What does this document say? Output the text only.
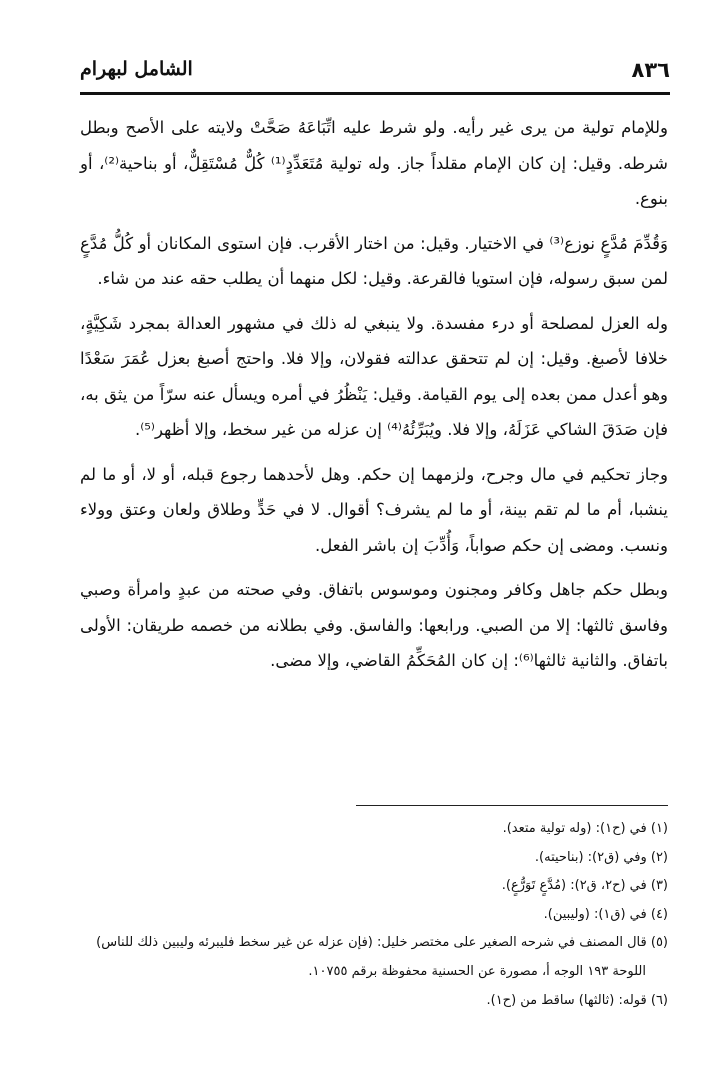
الشامل لبهرام	٨٣٦

وللإمام تولية من يرى غير رأيه. ولو شرط عليه اتِّبَاعَهُ صَحَّتْ ولايته على الأصح وبطل شرطه. وقيل: إن كان الإمام مقلداً جاز. وله تولية مُتَعَدِّدٍ⁽¹⁾ كُلٌّ مُسْتَقِلٌّ، أو بناحية⁽²⁾، أو بنوع.

وَقُدِّمَ مُدَّعٍ نوزع⁽³⁾ في الاختيار. وقيل: من اختار الأقرب. فإن استوى المكانان أو كُلُّ مُدَّعٍ لمن سبق رسوله، فإن استويا فالقرعة. وقيل: لكل منهما أن يطلب حقه عند من شاء.

وله العزل لمصلحة أو درء مفسدة. ولا ينبغي له ذلك في مشهور العدالة بمجرد شَكِيَّةٍ، خلافا لأصبغ. وقيل: إن لم تتحقق عدالته فقولان، وإلا فلا. واحتج أصبغ بعزل عُمَرَ سَعْدًا وهو أعدل ممن بعده إلى يوم القيامة. وقيل: يَنْظُرُ في أمره ويسأل عنه سرّاً من يثق به، فإن صَدَقَ الشاكي عَزَلَهُ، وإلا فلا. ويُبَرِّئُهُ⁽⁴⁾ إن عزله من غير سخط، وإلا أظهر⁽⁵⁾.

وجاز تحكيم في مال وجرح، ولزمهما إن حكم. وهل لأحدهما رجوع قبله، أو لا، أو ما لم ينشبا، أم ما لم تقم بينة، أو ما لم يشرف؟ أقوال. لا في حَدٍّ وطلاق ولعان وعتق وولاء ونسب. ومضى إن حكم صواباً، وَأُدِّبَ إن باشر الفعل.

وبطل حكم جاهل وكافر ومجنون وموسوس باتفاق. وفي صحته من عبدٍ وامرأة وصبي وفاسق ثالثها: إلا من الصبي. ورابعها: والفاسق. وفي بطلانه من خصمه طريقان: الأولى باتفاق. والثانية ثالثها⁽⁶⁾: إن كان المُحَكِّمُ القاضي، وإلا مضى.

(١) في (ح١): (وله تولية متعد).

(٢) وفي (ق٢): (بناحيته).

(٣) في (ح٢، ق٢): (مُدَّعٍ تَوَرُّعٍ).

(٤) في (ق١): (وليبين).

(٥) قال المصنف في شرحه الصغير على مختصر خليل: (فإن عزله عن غير سخط فليبرئه وليبين ذلك للناس)

اللوحة ١٩٣ الوجه أ، مصورة عن الحسنية محفوظة برقم ١٠٧٥٥.

(٦) قوله: (ثالثها) ساقط من (ح١).
